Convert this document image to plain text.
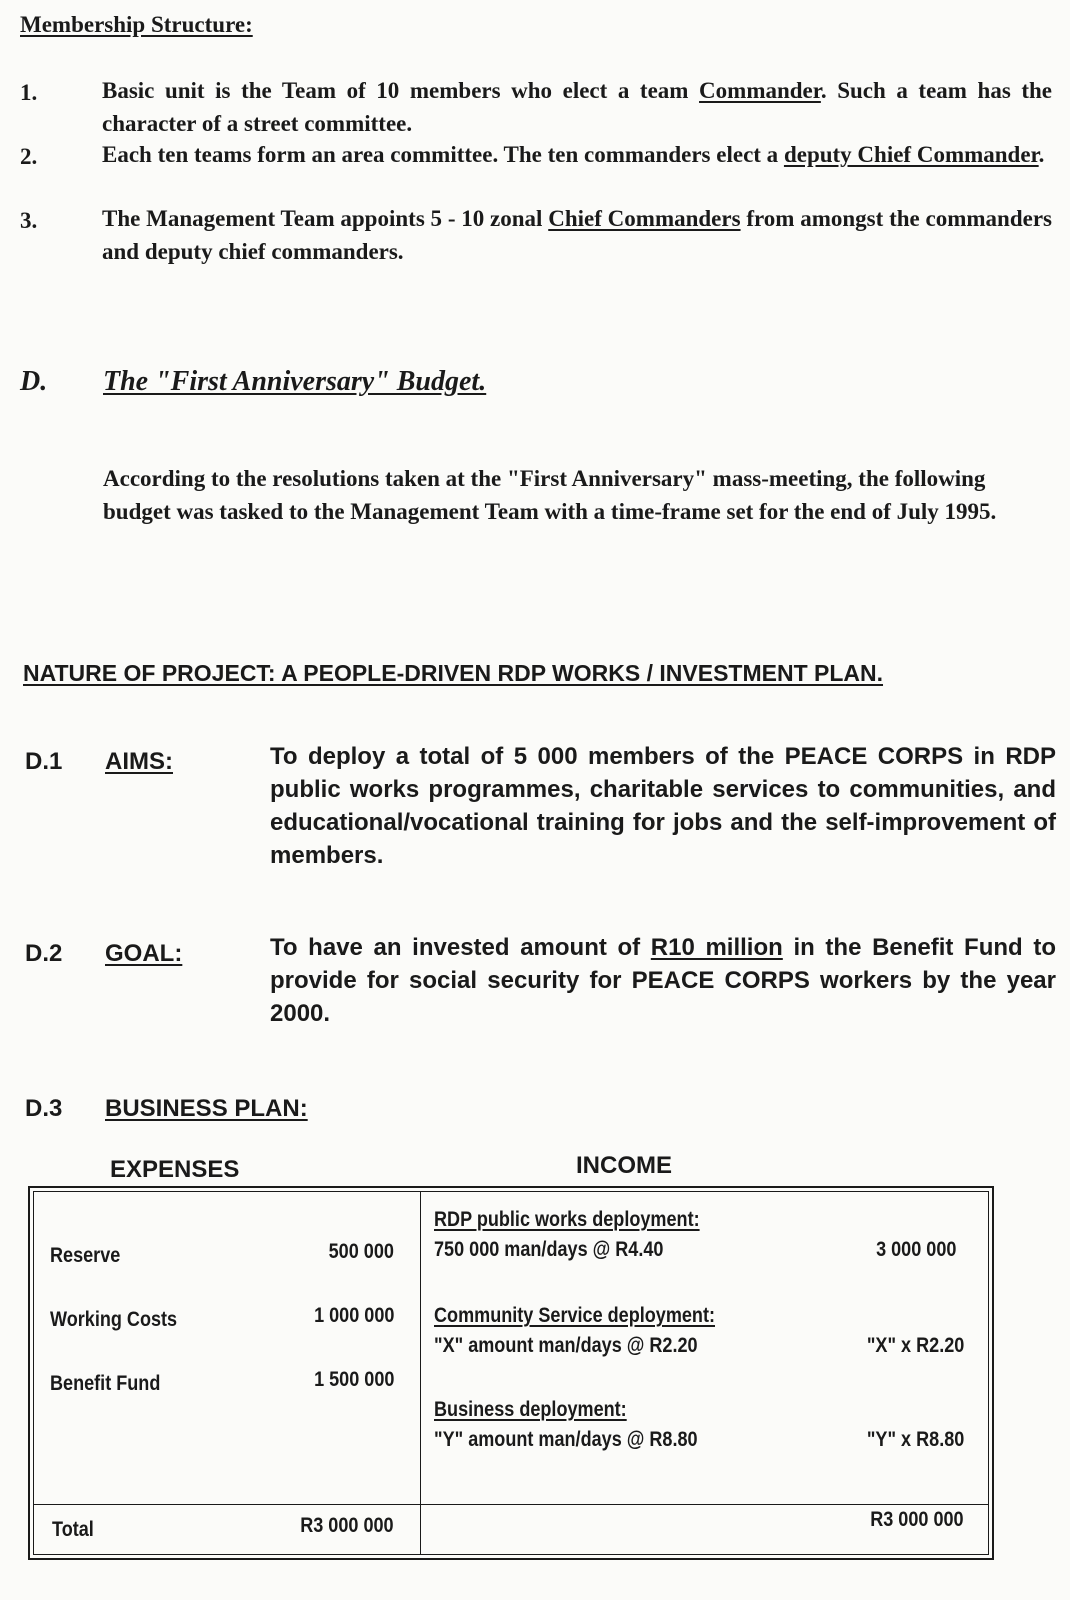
Membership Structure:
1.	Basic unit is the Team of 10 members who elect a team Commander. Such a team has the character of a street committee.
2.	Each ten teams form an area committee. The ten commanders elect a deputy Chief Commander.
3.	The Management Team appoints 5 - 10 zonal Chief Commanders from amongst the commanders and deputy chief commanders.
D. The "First Anniversary" Budget.
According to the resolutions taken at the "First Anniversary" mass-meeting, the following budget was tasked to the Management Team with a time-frame set for the end of July 1995.
NATURE OF PROJECT: A PEOPLE-DRIVEN RDP WORKS / INVESTMENT PLAN.
D.1 AIMS:	To deploy a total of 5 000 members of the PEACE CORPS in RDP public works programmes, charitable services to communities, and educational/vocational training for jobs and the self-improvement of members.
D.2 GOAL:	To have an invested amount of R10 million in the Benefit Fund to provide for social security for PEACE CORPS workers by the year 2000.
D.3 BUSINESS PLAN:
EXPENSES	INCOME
Reserve	500 000
Working Costs	1 000 000
Benefit Fund	1 500 000
RDP public works deployment:
750 000 man/days @ R4.40	3 000 000
Community Service deployment:
"X" amount man/days @ R2.20	"X" x R2.20
Business deployment:
"Y" amount man/days @ R8.80	"Y" x R8.80
Total	R3 000 000	R3 000 000
